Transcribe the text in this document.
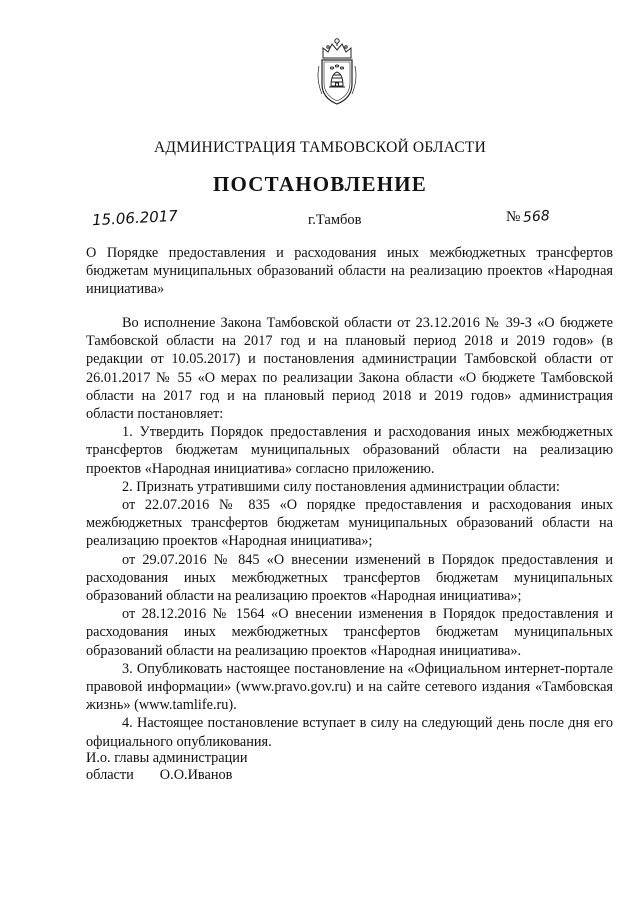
АДМИНИСТРАЦИЯ ТАМБОВСКОЙ ОБЛАСТИ
ПОСТАНОВЛЕНИЕ
15.06.2017	г.Тамбов	№ 568
О Порядке предоставления и расходования иных межбюджетных трансфертов бюджетам муниципальных образований области на реализацию проектов «Народная инициатива»

Во исполнение Закона Тамбовской области от 23.12.2016 № 39-З «О бюджете Тамбовской области на 2017 год и на плановый период 2018 и 2019 годов» (в редакции от 10.05.2017) и постановления администрации Тамбовской области от 26.01.2017 № 55 «О мерах по реализации Закона области «О бюджете Тамбовской области на 2017 год и на плановый период 2018 и 2019 годов» администрация области постановляет:

1. Утвердить Порядок предоставления и расходования иных межбюджетных трансфертов бюджетам муниципальных образований области на реализацию проектов «Народная инициатива» согласно приложению.

2. Признать утратившими силу постановления администрации области:

от 22.07.2016 № 835 «О порядке предоставления и расходования иных межбюджетных трансфертов бюджетам муниципальных образований области на реализацию проектов «Народная инициатива»;

от 29.07.2016 № 845 «О внесении изменений в Порядок предоставления и расходования иных межбюджетных трансфертов бюджетам муниципальных образований области на реализацию проектов «Народная инициатива»;

от 28.12.2016 № 1564 «О внесении изменения в Порядок предоставления и расходования иных межбюджетных трансфертов бюджетам муниципальных образований области на реализацию проектов «Народная инициатива».

3. Опубликовать настоящее постановление на «Официальном интернет-портале правовой информации» (www.pravo.gov.ru) и на сайте сетевого издания «Тамбовская жизнь» (www.tamlife.ru).

4. Настоящее постановление вступает в силу на следующий день после дня его официального опубликования.

И.о. главы администрации
области О.О.Иванов
